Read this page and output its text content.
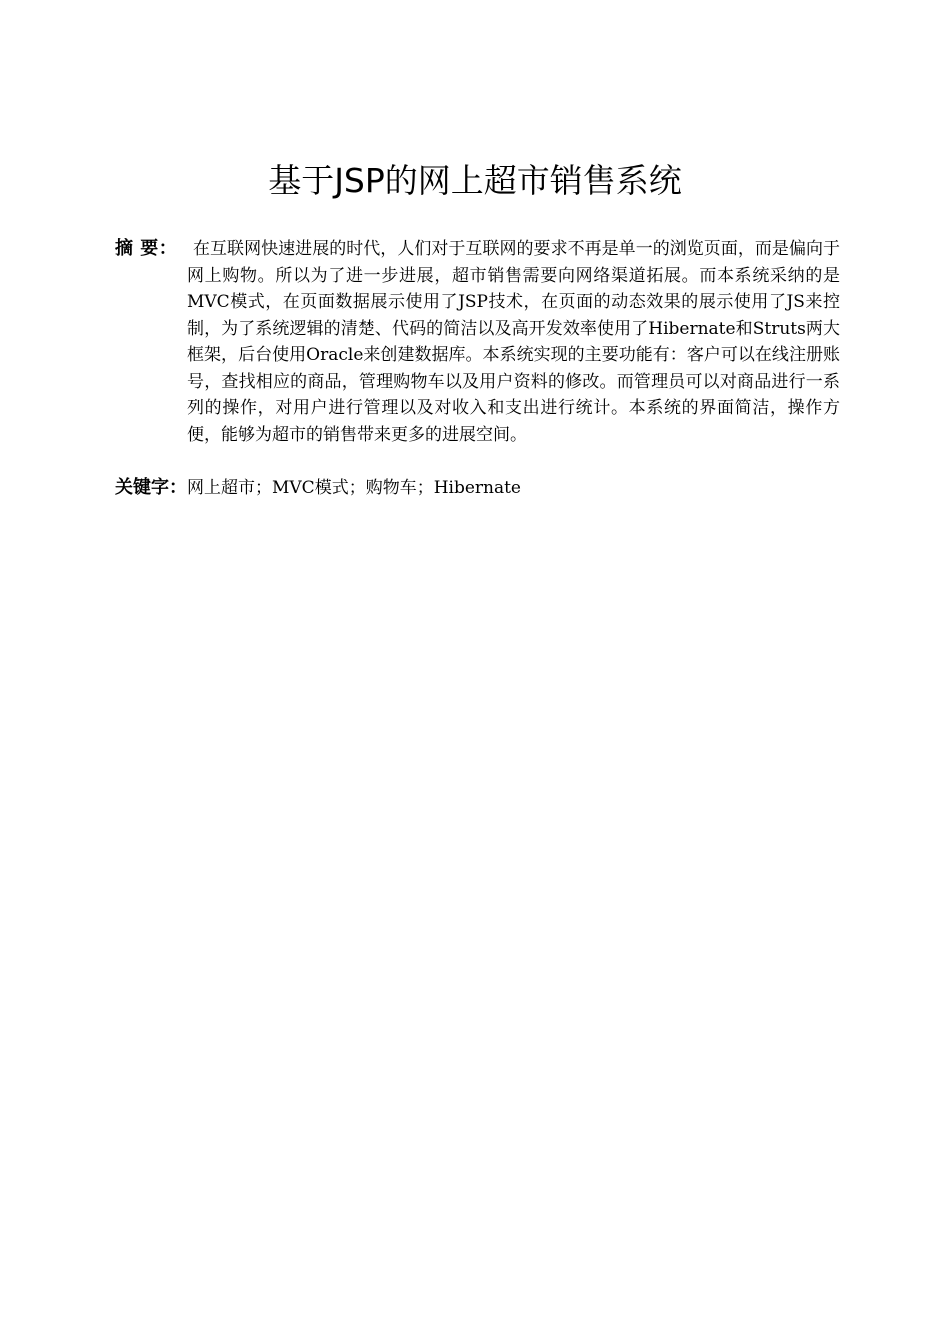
基于JSP的网上超市销售系统
摘 要： 在互联网快速进展的时代，人们对于互联网的要求不再是单一的浏览页面，而是偏向于网上购物。所以为了进一步进展，超市销售需要向网络渠道拓展。而本系统采纳的是MVC模式，在页面数据展示使用了JSP技术，在页面的动态效果的展示使用了JS来控制，为了系统逻辑的清楚、代码的简洁以及高开发效率使用了Hibernate和Struts两大框架，后台使用Oracle来创建数据库。本系统实现的主要功能有：客户可以在线注册账号，查找相应的商品，管理购物车以及用户资料的修改。而管理员可以对商品进行一系列的操作，对用户进行管理以及对收入和支出进行统计。本系统的界面简洁，操作方便，能够为超市的销售带来更多的进展空间。
关键字：网上超市；MVC模式；购物车；Hibernate
